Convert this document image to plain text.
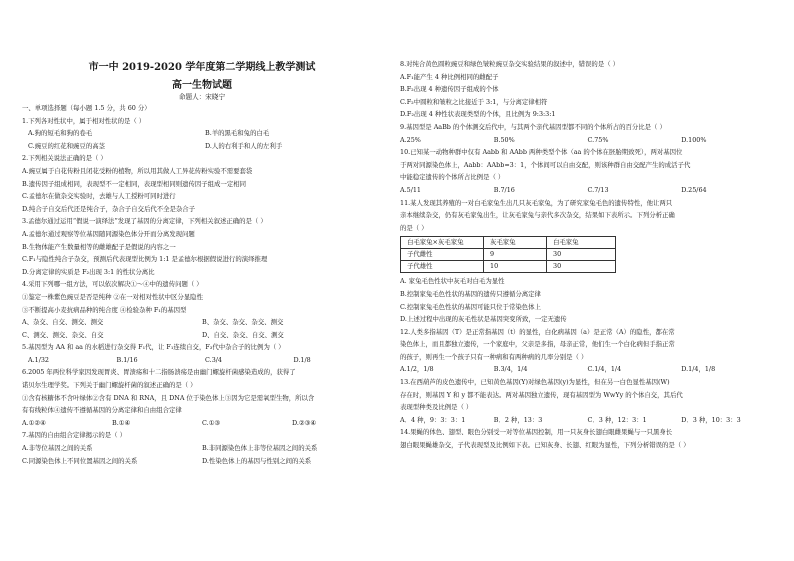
市一中 2019-2020 学年度第二学期线上教学测试
高一生物试题
命题人：宋晓宁
一、单项选择题（每小题 1.5 分，共 60 分）
1.下列各对性状中，属于相对性状的是（ ）
A.狗的短毛和狗的卷毛	B.羊的黑毛和兔的白毛
C.豌豆的红花和豌豆的高茎	D.人的右利手和人的左利手
2.下列相关说法正确的是（ ）
A.豌豆属于自花传粉且闭花受粉的植物，所以用其做人工异花传粉实验不需要套袋
B.遗传因子组成相同，表现型不一定相同，表现型相同则遗传因子组成一定相同
C.孟德尔在做杂交实验时，去雄与人工授粉可同时进行
D.纯合子自交后代还是纯合子，杂合子自交后代不全是杂合子
3.孟德尔通过运用“假说一演绎法”发现了基因的分离定律，下列相关叙述正确的是（ ）
A.孟德尔通过观察等位基因随同源染色体分开而分离发现问题
B.生物体能产生数量相等的雌雄配子是假说的内容之一
C.F₁与隐性纯合子杂交，预测后代表现型比例为 1:1 是孟德尔根据假说进行的演绎推理
D.分离定律的实质是 F₂出现 3:1 的性状分离比
4.采用下列哪一组方法，可以依次解决①～④中的遗传问题（ ）
①鉴定一株紫色豌豆是否是纯种 ②在一对相对性状中区分显隐性
③不断提高小麦抗病品种的纯合度 ④检验杂种 F₁的基因型
A、杂交、自交、测交、测交	B、杂交、杂交、杂交、测交
C、测交、测交、杂交、自交	D、自交、杂交、自交、测交
5.基因型为 AA 和 aa 的水稻进行杂交得 F₁代，让 F₁连续自交，F₃代中杂合子的比例为（ ）
A.1/32	B.1/16	C.3/4	D.1/8
6.2005 年两位科学家因发现胃炎、胃溃疡和十二指肠溃疡是由幽门螺旋杆菌感染造成的，获得了
诺贝尔生理学奖。下列关于幽门螺旋杆菌的叙述正确的是（ ）
①含有核糖体不含叶绿体②含有 DNA 和 RNA，且 DNA 位于染色体上③因为它是需氧型生物，所以含
有有线粒体④遗传不遵循基因的分离定律和自由组合定律
A.①②④	B.①④	C.①③	D.②③④
7.基因的自由组合定律揭示的是（ ）
A.非等位基因之间的关系	B.非同源染色体上非等位基因之间的关系
C.同源染色体上不同位置基因之间的关系	D.性染色体上的基因与性别之间的关系
8.对纯合黄色圆粒豌豆和绿色皱粒豌豆杂交实验结果的叙述中，错误的是（ ）
A.F₁能产生 4 种比例相同的雌配子
B.F₂出现 4 种遗传因子组成的个体
C.F₂中圆粒和皱粒之比接近于 3:1，与分离定律相符
D.F₂出现 4 种性状表现类型的个体，且比例为 9:3:3:1
9.基因型是 AaBb 的个体测交后代中，与其两个亲代基因型都不同的个体所占的百分比是（ ）
A.25%	B.50%	C.75%	D.100%
10.已知某一动物种群中仅有 Aabb 和 AAbb 两种类型个体（aa 的个体在胚胎期致死），两对基因位
于两对同源染色体上，Aabb：AAbb=3：1，个体间可以自由交配，则该种群自由交配产生的成活子代
中能稳定遗传的个体所占比例是（ ）
A.5/11	B.7/16	C.7/13	D.25/64
11.某人发现其养殖的一对白毛家兔生出几只灰毛家兔，为了研究家兔毛色的遗传特性，他让两只
亲本继续杂交，仍有灰毛家兔出生，让灰毛家兔与亲代多次杂交，结果如下表所示。下列分析正确
的是（ ）
白毛家兔×灰毛家兔	灰毛家兔	白毛家兔
子代雌性	9	30
子代雄性	10	30
A. 家兔毛色性状中灰毛对白毛为显性
B.控制家兔毛色性状的基因的遗传只遵循分离定律
C.控制家兔毛色性状的基因可能只位于常染色体上
D.上述过程中出现的灰毛性状是基因突变所致，一定无遗传
12.人类多指基因（T）是正常指基因（t）的显性，白化病基因（a）是正常（A）的隐性，都在常
染色体上，而且都独立遗传，一个家庭中，父亲是多指，母亲正常，他们生一个白化病但手指正常
的孩子，则再生一个孩子只有一种病和有两种病的几率分别是（ ）
A.1/2，1/8	B.3/4，1/4	C.1/4，1/4	D.1/4，1/8
13.在西葫芦的皮色遗传中，已知黄色基因(Y)对绿色基因(y)为显性，但在另一白色显性基因(W)
存在时，则基因 Y 和 y 都不能表达。两对基因独立遗传，现有基因型为 WwYy 的个体自交，其后代
表现型种类及比例是（ ）
A．4 种，9：3：3：1	B．2 种，13：3	C．3 种，12：3：1	D．3 种，10：3：3
14.果蝇的体色、翅型、眼色分别受一对等位基因控制，用一只灰身长翅白眼雌果蝇与一只黑身长
翅白眼果蝇雄杂交，子代表现型及比例如下表。已知灰身、长翅、红眼为显性，下列分析错误的是（ ）
